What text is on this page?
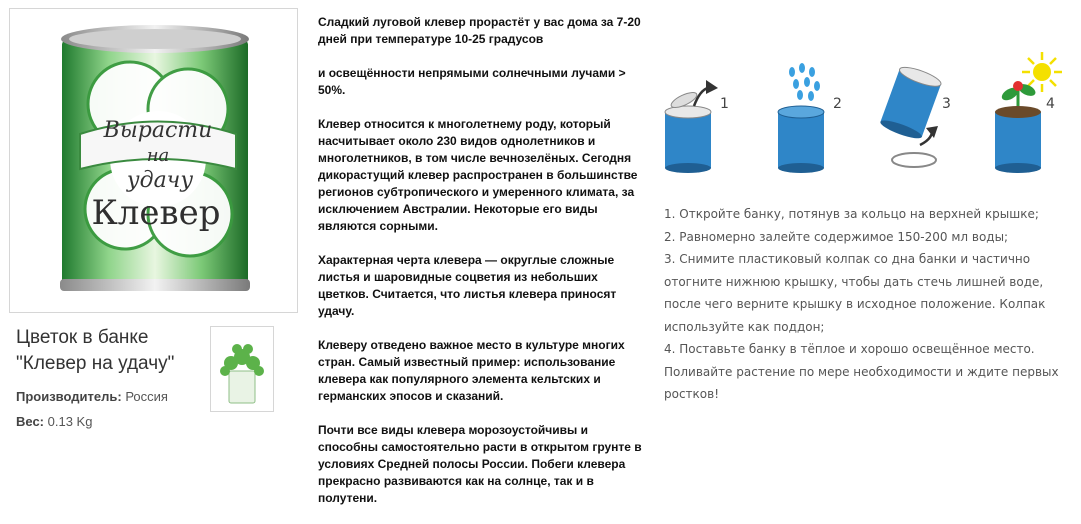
Вырасти
на
удачу
Клевер
Цветок в банке
"Клевер на удачу"
Производитель: Россия
Вес: 0.13 Kg

Сладкий луговой клевер прорастёт у вас дома за 7-20 дней при температуре 10-25 градусов

и освещённости непрямыми солнечными лучами > 50%.

Клевер относится к многолетнему роду, который насчитывает около 230 видов однолетников и многолетников, в том числе вечнозелёных. Сегодня дикорастущий клевер распространен в большинстве регионов субтропического и умеренного климата, за исключением Австралии. Некоторые его виды являются сорными.

Характерная черта клевера — округлые сложные листья и шаровидные соцветия из небольших цветков. Считается, что листья клевера приносят удачу.

Клеверу отведено важное место в культуре многих стран. Самый известный пример: использование клевера как популярного элемента кельтских и германских эпосов и сказаний.

Почти все виды клевера морозоустойчивы и способны самостоятельно расти в открытом грунте в условиях Средней полосы России. Побеги клевера прекрасно развиваются как на солнце, так и в полутени.

1	2	3	4
1. Откройте банку, потянув за кольцо на верхней крышке;
2. Равномерно залейте содержимое 150-200 мл воды;
3. Снимите пластиковый колпак со дна банки и частично отогните нижнюю крышку, чтобы дать стечь лишней воде, после чего верните крышку в исходное положение. Колпак используйте как поддон;
4. Поставьте банку в тёплое и хорошо освещённое место. Поливайте растение по мере необходимости и ждите первых ростков!
